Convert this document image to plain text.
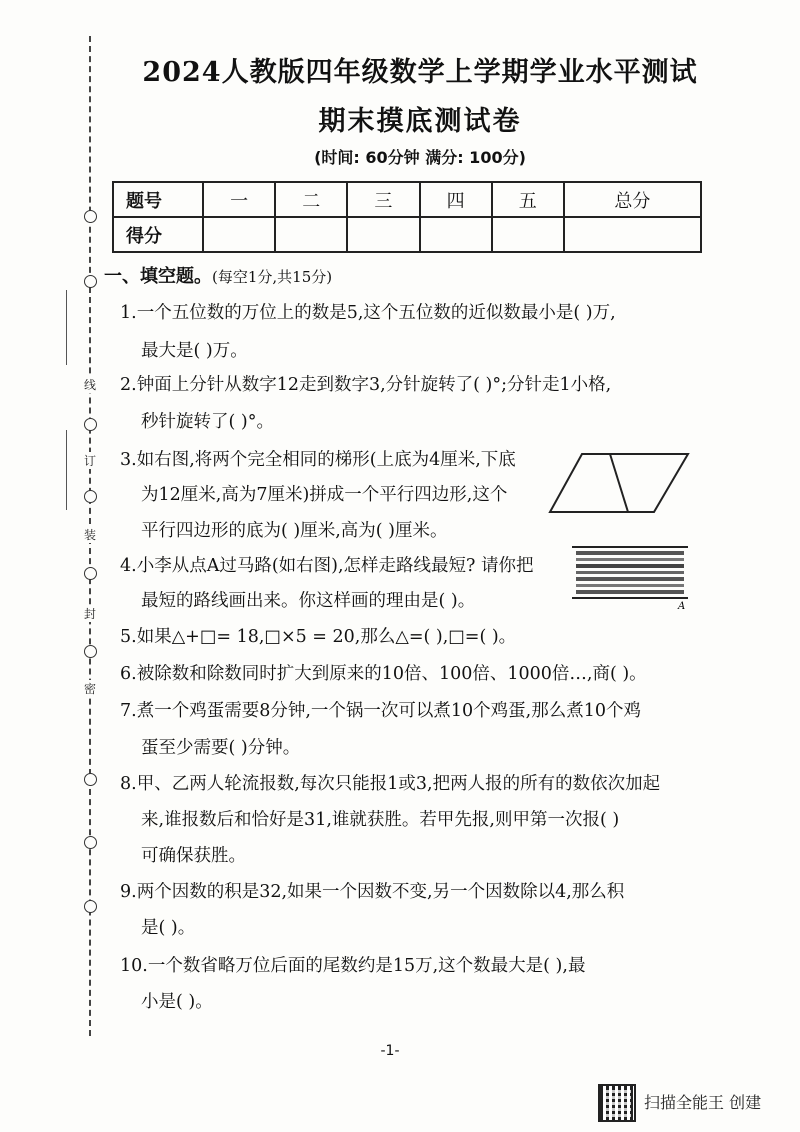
线
订
装
封
密
2024人教版四年级数学上学期学业水平测试
期末摸底测试卷
(时间: 60分钟 满分: 100分)
题号	一	二	三	四	五	总分
得分						
一、填空题。(每空1分,共15分)
1.一个五位数的万位上的数是5,这个五位数的近似数最小是( )万,
最大是( )万。
2.钟面上分针从数字12走到数字3,分针旋转了( )°;分针走1小格,
秒针旋转了( )°。
3.如右图,将两个完全相同的梯形(上底为4厘米,下底
为12厘米,高为7厘米)拼成一个平行四边形,这个
平行四边形的底为( )厘米,高为( )厘米。
4.小李从点A过马路(如右图),怎样走路线最短? 请你把
最短的路线画出来。你这样画的理由是( )。
5.如果△+□= 18,□×5 = 20,那么△=( ),□=( )。
6.被除数和除数同时扩大到原来的10倍、100倍、1000倍…,商( )。
7.煮一个鸡蛋需要8分钟,一个锅一次可以煮10个鸡蛋,那么煮10个鸡
蛋至少需要( )分钟。
8.甲、乙两人轮流报数,每次只能报1或3,把两人报的所有的数依次加起
来,谁报数后和恰好是31,谁就获胜。若甲先报,则甲第一次报( )
可确保获胜。
9.两个因数的积是32,如果一个因数不变,另一个因数除以4,那么积
是( )。
10.一个数省略万位后面的尾数约是15万,这个数最大是( ),最
小是( )。
A
-1-
扫描全能王 创建
